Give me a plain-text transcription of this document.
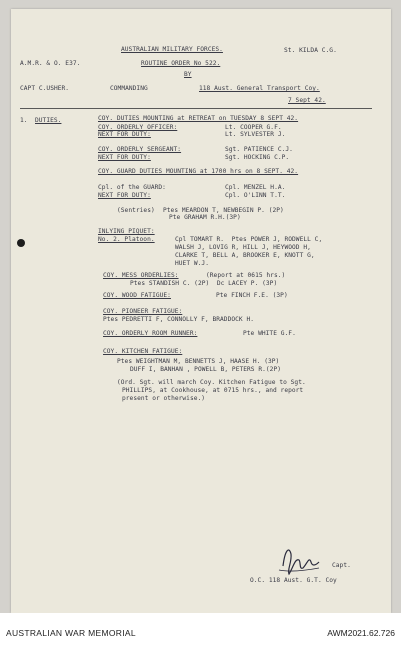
A.M.R. & O. E37.
CAPT C.USHER.
AUSTRALIAN MILITARY FORCES.
ROUTINE ORDER No 522.
BY
COMMANDING	118 Aust. General Transport Coy.
St. KILDA C.G.
7 Sept 42.
1. DUTIES.	COY. DUTIES MOUNTING at RETREAT on TUESDAY 8 SEPT 42.
COY. ORDERLY OFFICER:	Lt. COOPER G.F.
NEXT FOR DUTY:	Lt. SYLVESTER J.
COY. ORDERLY SERGEANT:	Sgt. PATIENCE C.J.
NEXT FOR DUTY:	Sgt. HOCKING C.P.
COY. GUARD DUTIES MOUNTING at 1700 hrs on 8 SEPT. 42.
Cpl. of the GUARD:	Cpl. MENZEL H.A.
NEXT FOR DUTY:	Cpl. O'LINN T.T.
(Sentries) Ptes MEARDON T, NEWBEGIN P. (2P)
Pte GRAHAM R.H.(3P)
INLYING PIQUET:
No. 2. Platoon.	Cpl TOMART R.  Ptes POWER J, RODWELL C,
WALSH J, LOVIG R, HILL J, HEYWOOD H,
CLARKE T, BELL A, BROOKER E, KNOTT G,
HUET W.J.
COY. MESS ORDERLIES:	(Report at 0615 hrs.)
Ptes STANDISH C. (2P)  Dc LACEY P. (3P)
COY. WOOD FATIGUE:	Pte FINCH F.E. (3P)
COY. PIONEER FATIGUE:
Ptes PEDRETTI F, CONNOLLY F, BRADDOCK H.
COY. ORDERLY ROOM RUNNER:	Pte WHITE G.F.
COY. KITCHEN FATIGUE:
Ptes WEIGHTMAN M, BENNETTS J, HAASE H. (3P)
DUFF I, BANHAN , POWELL B, PETERS R.(2P)
(Ord. Sgt. will march Coy. Kitchen Fatigue to Sgt.
PHILLIPS, at Cookhouse, at 0715 hrs., and report
present or otherwise.)
Capt.
O.C. 118 Aust. G.T. Coy
AUSTRALIAN WAR MEMORIAL	AWM2021.62.726
